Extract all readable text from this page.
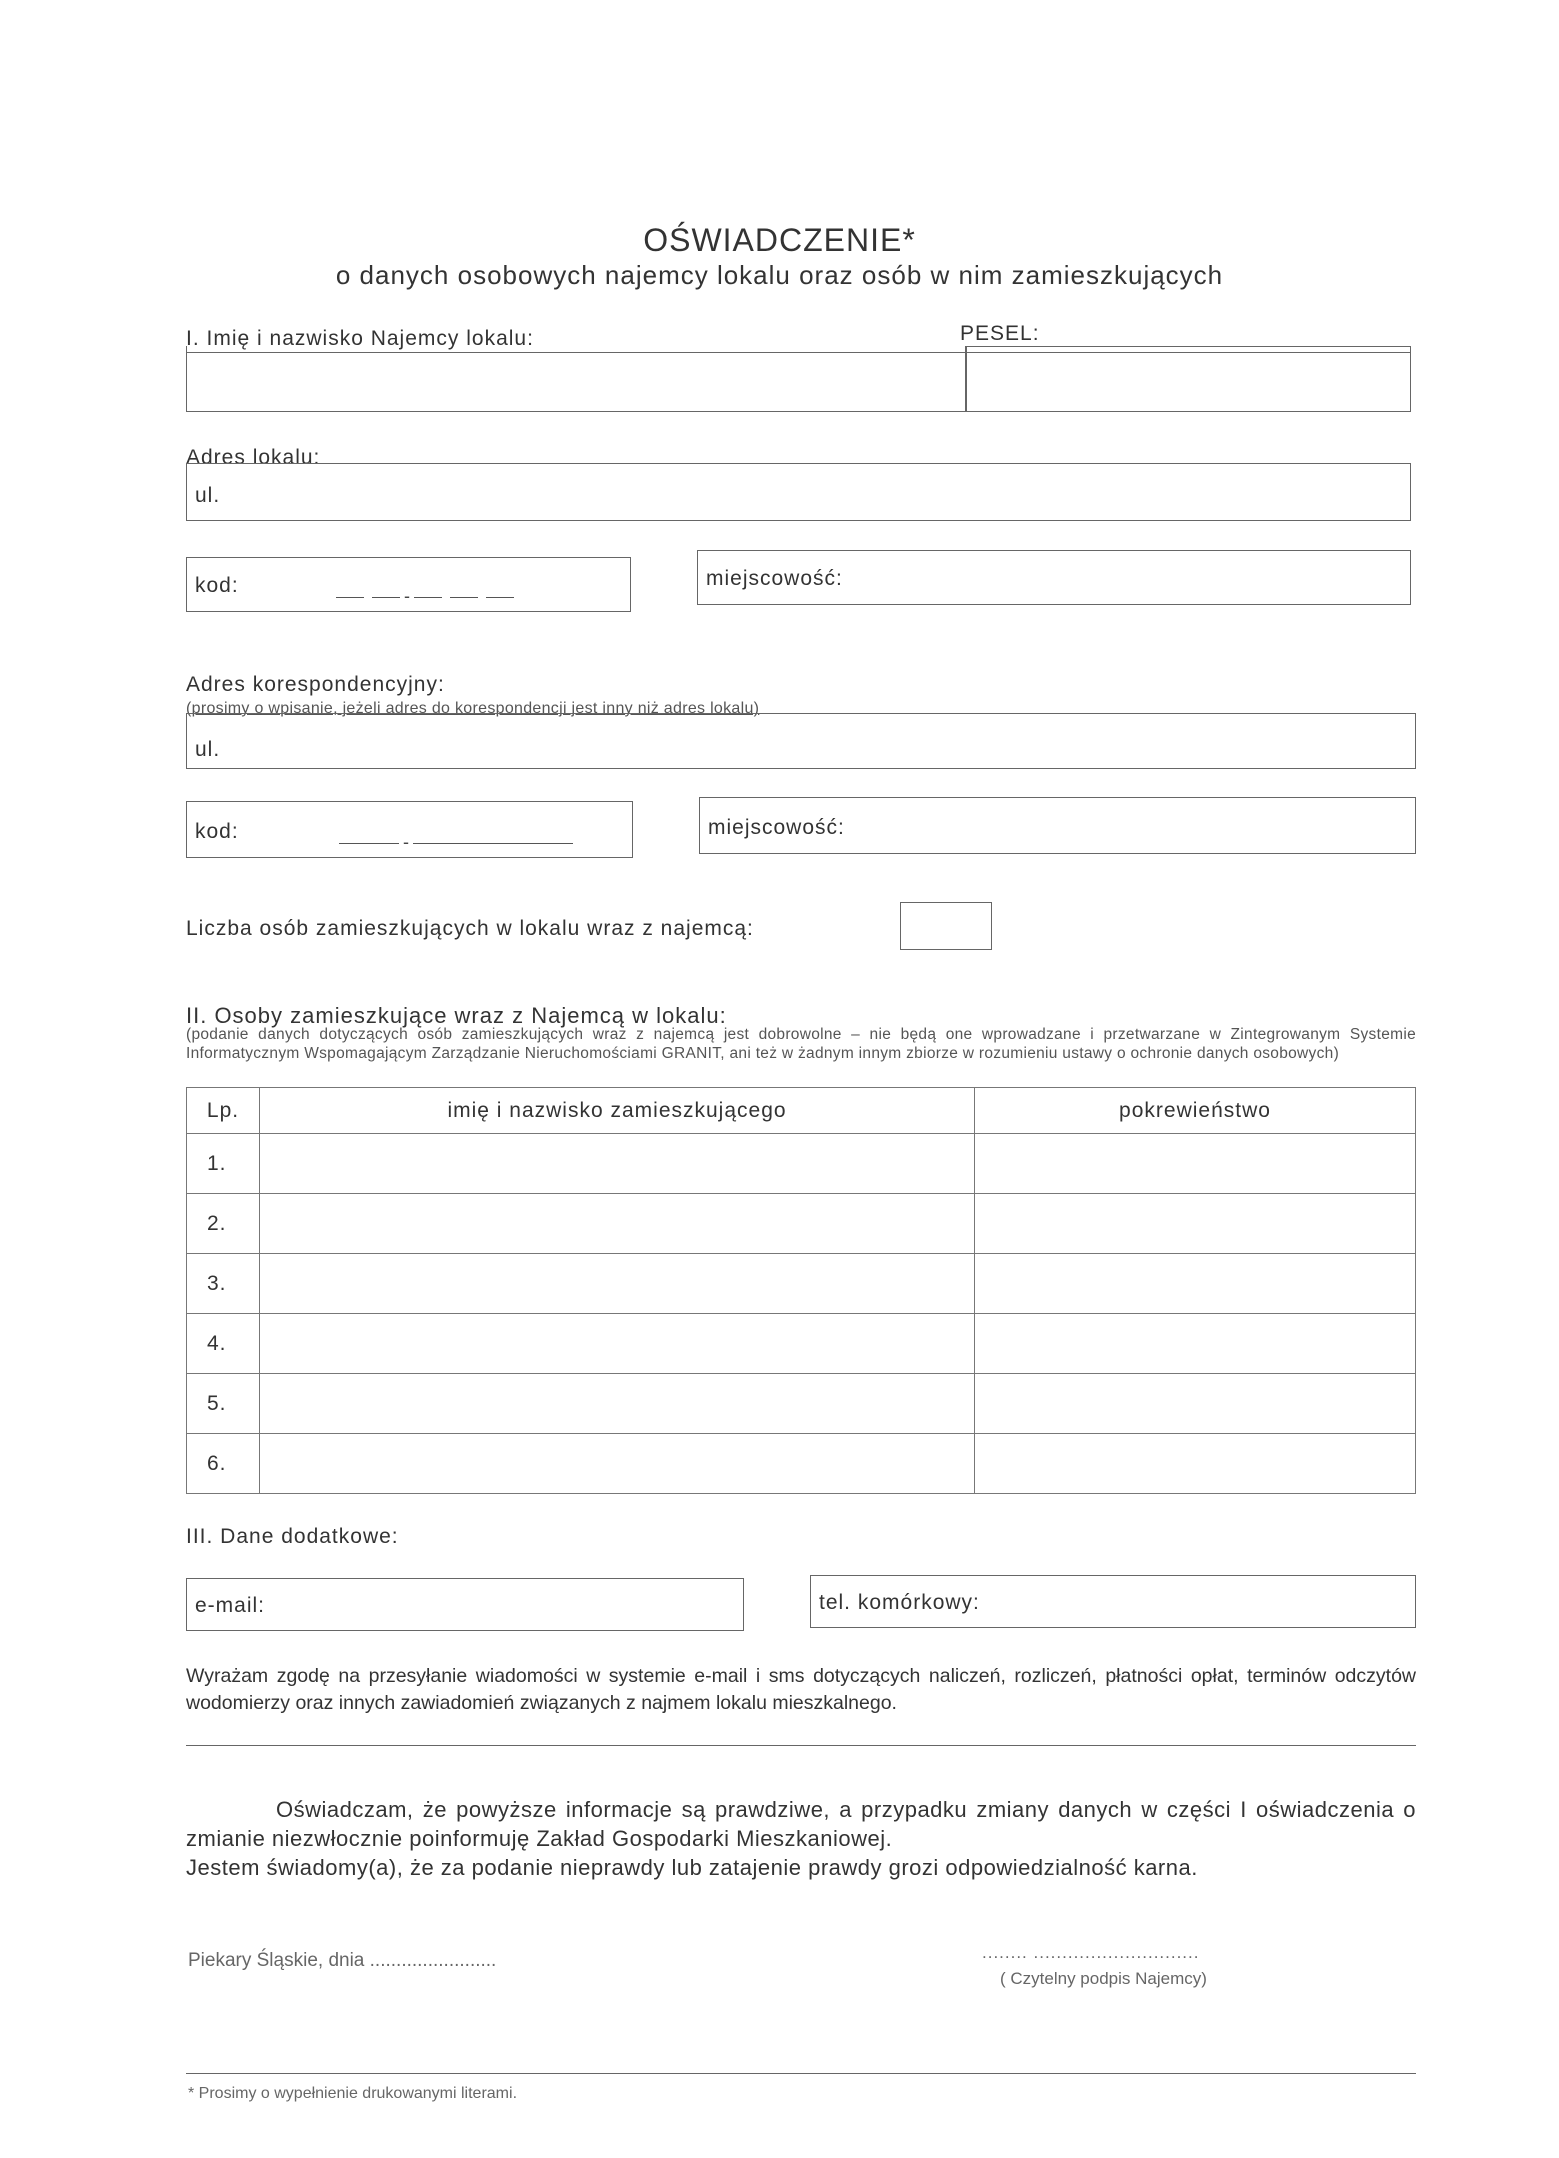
OŚWIADCZENIE*
o danych osobowych najemcy lokalu oraz osób w nim zamieszkujących
I. Imię i nazwisko Najemcy lokalu:	PESEL:
Adres lokalu:
ul.
kod:	-
miejscowość:
Adres korespondencyjny:
(prosimy o wpisanie, jeżeli adres do korespondencji jest inny niż adres lokalu)
ul.
kod:	-
miejscowość:
Liczba osób zamieszkujących w lokalu wraz z najemcą:
II. Osoby zamieszkujące wraz z Najemcą w lokalu:
(podanie danych dotyczących osób zamieszkujących wraz z najemcą jest dobrowolne – nie będą one wprowadzane i przetwarzane w Zintegrowanym Systemie Informatycznym Wspomagającym Zarządzanie Nieruchomościami GRANIT, ani też w żadnym innym zbiorze w rozumieniu ustawy o ochronie danych osobowych)
Lp.	imię i nazwisko zamieszkującego	pokrewieństwo
1.		
2.		
3.		
4.		
5.		
6.		
III. Dane dodatkowe:
e-mail:	tel. komórkowy:
Wyrażam zgodę na przesyłanie wiadomości w systemie e-mail i sms dotyczących naliczeń, rozliczeń, płatności opłat, terminów odczytów wodomierzy oraz innych zawiadomień związanych z najmem lokalu mieszkalnego.
Oświadczam, że powyższe informacje są prawdziwe, a przypadku zmiany danych w części I oświadczenia o zmianie niezwłocznie poinformuję Zakład Gospodarki Mieszkaniowej.
Jestem świadomy(a), że za podanie nieprawdy lub zatajenie prawdy grozi odpowiedzialność karna.
Piekary Śląskie, dnia ........................	........ .............................
( Czytelny podpis Najemcy)
* Prosimy o wypełnienie drukowanymi literami.
